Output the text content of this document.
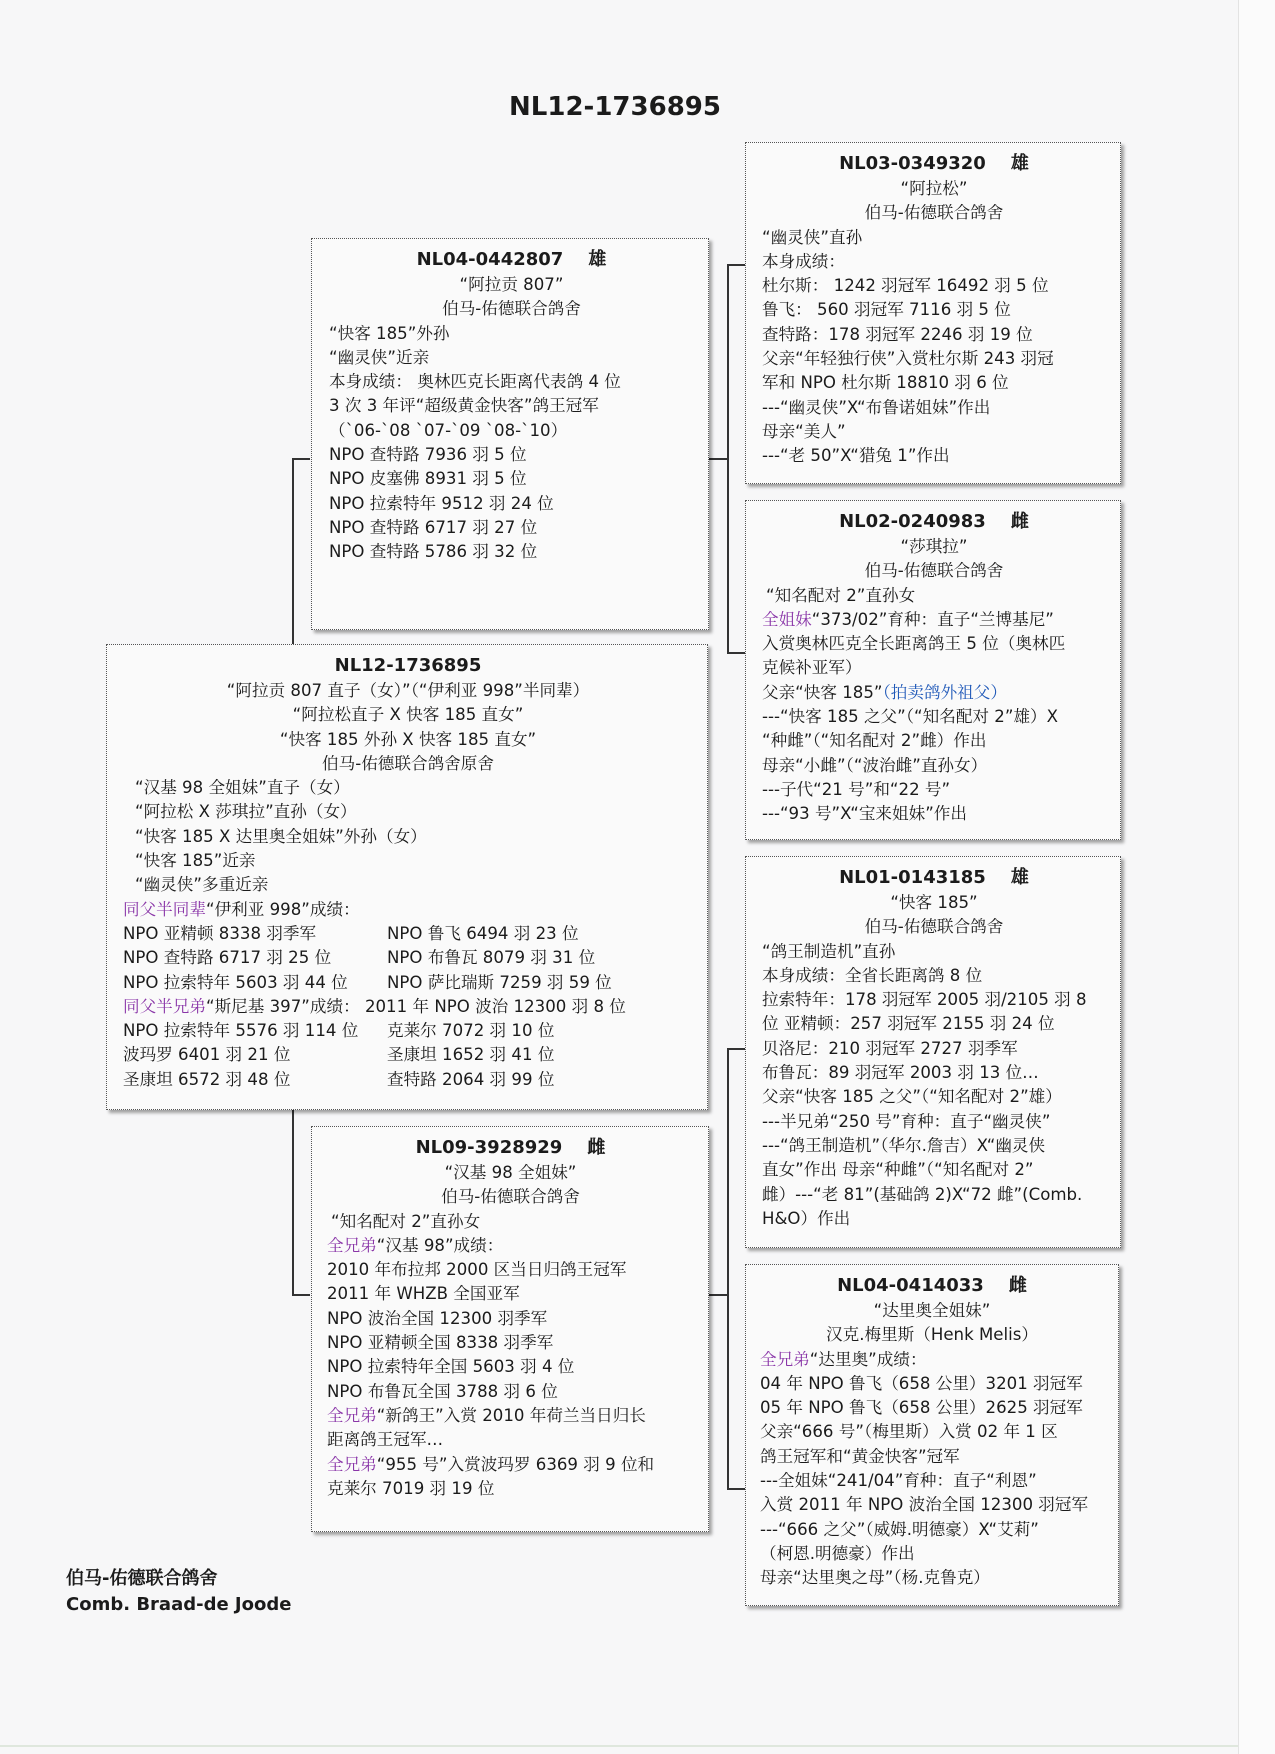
NL12-1736895
NL04-0442807 雄
“阿拉贡 807”
伯马-佑德联合鸽舍
“快客 185”外孙
“幽灵侠”近亲
本身成绩： 奥林匹克长距离代表鸽 4 位
3 次 3 年评“超级黄金快客”鸽王冠军
（`06-`08 `07-`09 `08-`10）
NPO 查特路 7936 羽 5 位
NPO 皮塞佛 8931 羽 5 位
NPO 拉索特年 9512 羽 24 位
NPO 查特路 6717 羽 27 位
NPO 查特路 5786 羽 32 位
NL12-1736895
“阿拉贡 807 直子（女）”（“伊利亚 998”半同辈）
“阿拉松直子 X 快客 185 直女”
“快客 185 外孙 X 快客 185 直女”
伯马-佑德联合鸽舍原舍
“汉基 98 全姐妹”直子（女）
“阿拉松 X 莎琪拉”直孙（女）
“快客 185 X 达里奥全姐妹”外孙（女）
“快客 185”近亲
“幽灵侠”多重近亲
同父半同辈“伊利亚 998”成绩：
NPO 亚精顿 8338 羽季军	NPO 鲁飞 6494 羽 23 位
NPO 查特路 6717 羽 25 位	NPO 布鲁瓦 8079 羽 31 位
NPO 拉索特年 5603 羽 44 位	NPO 萨比瑞斯 7259 羽 59 位
同父半兄弟“斯尼基 397”成绩： 2011 年 NPO 波治 12300 羽 8 位
NPO 拉索特年 5576 羽 114 位	克莱尔 7072 羽 10 位
波玛罗 6401 羽 21 位	圣康坦 1652 羽 41 位
圣康坦 6572 羽 48 位	查特路 2064 羽 99 位
NL09-3928929 雌
“汉基 98 全姐妹”
伯马-佑德联合鸽舍
“知名配对 2”直孙女
全兄弟“汉基 98”成绩：
2010 年布拉邦 2000 区当日归鸽王冠军
2011 年 WHZB 全国亚军
NPO 波治全国 12300 羽季军
NPO 亚精顿全国 8338 羽季军
NPO 拉索特年全国 5603 羽 4 位
NPO 布鲁瓦全国 3788 羽 6 位
全兄弟“新鸽王”入赏 2010 年荷兰当日归长
距离鸽王冠军…
全兄弟“955 号”入赏波玛罗 6369 羽 9 位和
克莱尔 7019 羽 19 位
NL03-0349320 雄
“阿拉松”
伯马-佑德联合鸽舍
“幽灵侠”直孙
本身成绩：
杜尔斯： 1242 羽冠军 16492 羽 5 位
鲁飞： 560 羽冠军 7116 羽 5 位
查特路：178 羽冠军 2246 羽 19 位
父亲“年轻独行侠”入赏杜尔斯 243 羽冠
军和 NPO 杜尔斯 18810 羽 6 位
---“幽灵侠”X“布鲁诺姐妹”作出
母亲“美人”
---“老 50”X“猎兔 1”作出
NL02-0240983 雌
“莎琪拉”
伯马-佑德联合鸽舍
“知名配对 2”直孙女
全姐妹“373/02”育种：直子“兰博基尼”
入赏奥林匹克全长距离鸽王 5 位（奥林匹
克候补亚军）
父亲“快客 185”（拍卖鸽外祖父）
---“快客 185 之父”（“知名配对 2”雄）X
“种雌”（“知名配对 2”雌）作出
母亲“小雌”（“波治雌”直孙女）
---子代“21 号”和“22 号”
---“93 号”X“宝来姐妹”作出
NL01-0143185 雄
“快客 185”
伯马-佑德联合鸽舍
“鸽王制造机”直孙
本身成绩：全省长距离鸽 8 位
拉索特年：178 羽冠军 2005 羽/2105 羽 8
位 亚精顿：257 羽冠军 2155 羽 24 位
贝洛尼：210 羽冠军 2727 羽季军
布鲁瓦：89 羽冠军 2003 羽 13 位…
父亲“快客 185 之父”（“知名配对 2”雄）
---半兄弟“250 号”育种：直子“幽灵侠”
---“鸽王制造机”（华尔.詹吉）X“幽灵侠
直女”作出 母亲“种雌”（“知名配对 2”
雌）---“老 81”(基础鸽 2)X“72 雌”(Comb.
H&O）作出
NL04-0414033 雌
“达里奥全姐妹”
汉克.梅里斯（Henk Melis）
全兄弟“达里奥”成绩：
04 年 NPO 鲁飞（658 公里）3201 羽冠军
05 年 NPO 鲁飞（658 公里）2625 羽冠军
父亲“666 号”（梅里斯）入赏 02 年 1 区
鸽王冠军和“黄金快客”冠军
---全姐妹“241/04”育种：直子“利恩”
入赏 2011 年 NPO 波治全国 12300 羽冠军
---“666 之父”（威姆.明德豪）X“艾莉”
（柯恩.明德豪）作出
母亲“达里奥之母”（杨.克鲁克）
伯马-佑德联合鸽舍
Comb. Braad-de Joode
